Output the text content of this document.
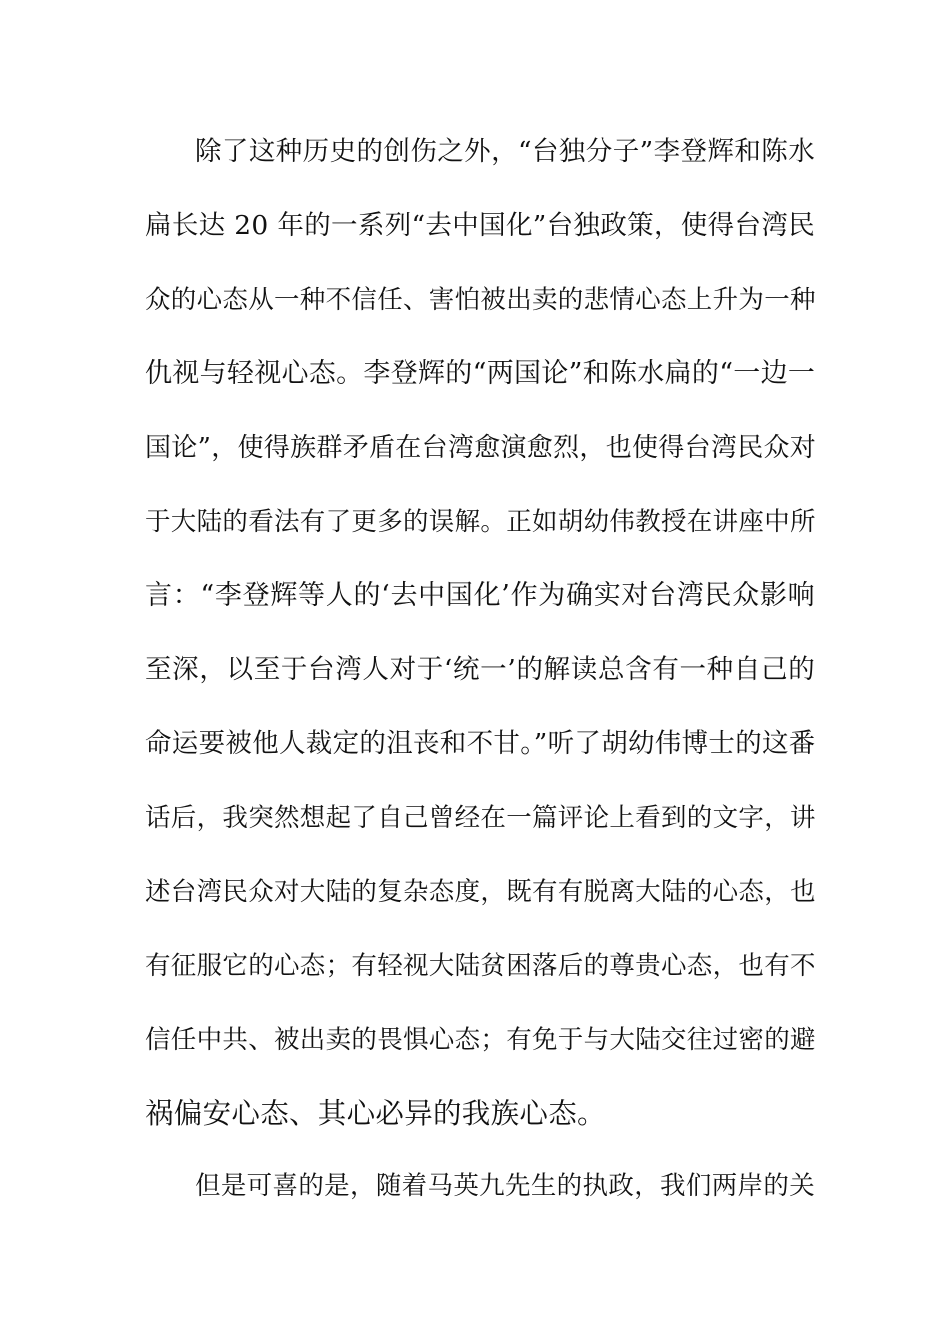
除了这种历史的创伤之外，“台独分子”李登辉和陈水
扁长达 20 年的一系列“去中国化”台独政策，使得台湾民
众的心态从一种不信任、害怕被出卖的悲情心态上升为一种
仇视与轻视心态。李登辉的“两国论”和陈水扁的“一边一
国论”，使得族群矛盾在台湾愈演愈烈，也使得台湾民众对
于大陆的看法有了更多的误解。正如胡幼伟教授在讲座中所
言：“李登辉等人的‘去中国化’作为确实对台湾民众影响
至深，以至于台湾人对于‘统一’的解读总含有一种自己的
命运要被他人裁定的沮丧和不甘。”听了胡幼伟博士的这番
话后，我突然想起了自己曾经在一篇评论上看到的文字，讲
述台湾民众对大陆的复杂态度，既有有脱离大陆的心态，也
有征服它的心态；有轻视大陆贫困落后的尊贵心态，也有不
信任中共、被出卖的畏惧心态；有免于与大陆交往过密的避
祸偏安心态、其心必异的我族心态。
但是可喜的是，随着马英九先生的执政，我们两岸的关
